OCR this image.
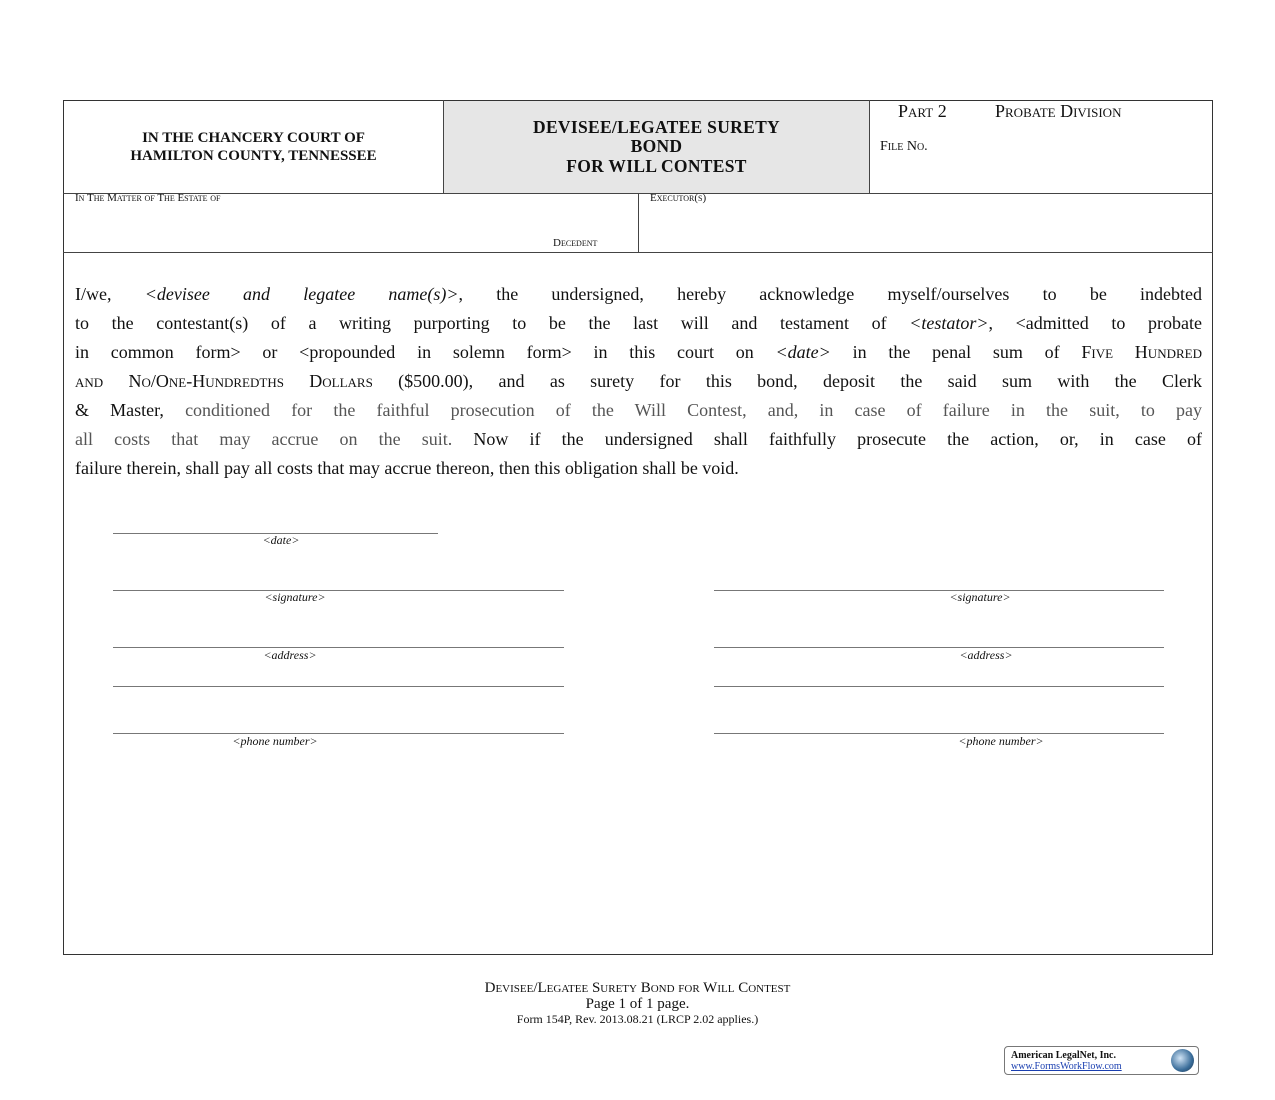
IN THE CHANCERY COURT OF
HAMILTON COUNTY, TENNESSEE
DEVISEE/LEGATEE SURETY
BOND
FOR WILL CONTEST
Part 2	Probate Division
File No.
In The Matter of The Estate of
Decedent
Executor(s)
I/we, <devisee and legatee name(s)>, the undersigned, hereby acknowledge myself/ourselves to be indebted
to the contestant(s) of a writing purporting to be the last will and testament of <testator>, <admitted to probate
in common form> or <propounded in solemn form> in this court on <date> in the penal sum of Five Hundred
and No/One-Hundredths Dollars ($500.00), and as surety for this bond, deposit the said sum with the Clerk
& Master, conditioned for the faithful prosecution of the Will Contest, and, in case of failure in the suit, to pay
all costs that may accrue on the suit. Now if the undersigned shall faithfully prosecute the action, or, in case of
failure therein, shall pay all costs that may accrue thereon, then this obligation shall be void.
<date>
<signature>
<address>
<phone number>
<signature>
<address>
<phone number>
Devisee/Legatee Surety Bond for Will Contest
Page 1 of 1 page.
Form 154P, Rev. 2013.08.21 (LRCP 2.02 applies.)
American LegalNet, Inc.
www.FormsWorkFlow.com
